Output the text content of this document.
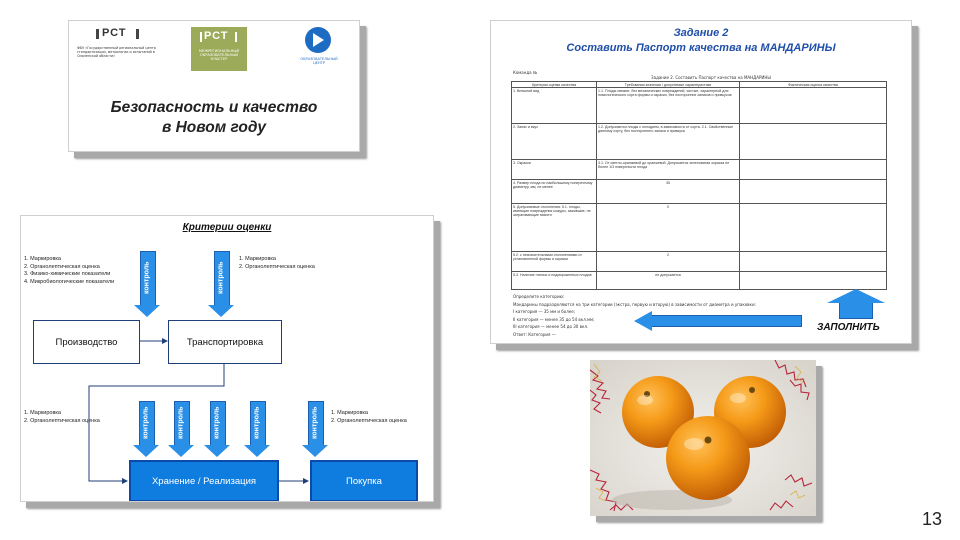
РСТ
ФБУ «Государственный региональный центр стандартизации, метрологии и испытаний в Смоленской области»
РСТ
МЕЖРЕГИОНАЛЬНЫЙ ОБРАЗОВАТЕЛЬНЫЙ КЛАСТЕР	ОБРАЗОВАТЕЛЬНЫЙ ЦЕНТР
Безопасность и качество
в Новом году
Задание 2
Составить Паспорт качества на МАНДАРИНЫ
Команда №
Задание 2. Составить Паспорт качества на МАНДАРИНЫ
Критерии оценки качества	Требования значения / допустимые характеристики	Фактическая оценка качества
1. Внешний вид	1.1. Плоды свежие, без механических повреждений, чистые, характерной для помологического сорта формы и окраски, без посторонних запахов и привкусов	
2. Запах и вкус	1.2. Допускаются плоды с оплодием, в зависимости от сорта. 2.1. Свойственные данному сорту, без постороннего запаха и привкуса	
3. Окраска	3.1. От светло-оранжевой до оранжевой. Допускается зеленоватая окраска не более 1/3 поверхности плода	
4. Размер плода по наибольшему поперечному диаметру, мм, не менее	35	
5. Допускаемые отклонения: 5.1. плоды, имеющие повреждения кожуры, зажившие, не затрагивающие мякоти	X	
5.2. с незначительными отклонениями от установленной формы и окраски	2	
5.3. Наличие гнилых и подмороженных плодов	не допускается	
Определите категорию:
Мандарины подразделяются на три категории (экстра, первую и вторую) в зависимости от диаметра и упаковки:
I категория — 35 мм и более;
II категория — менее 35 до 54 вкл.мм;
III категория — менее 54 до 30 вкл.
Ответ: Категория —
ЗАПОЛНИТЬ
Критерии оценки
1. Маркировка
2. Органолептическая оценка
3. Физико-химические показатели
4. Микробиологические показатели
1. Маркировка
2. Органолептическая оценка
контроль	контроль
Производство	Транспортировка
1. Маркировка
2. Органолептическая оценка
1. Маркировка
2. Органолептическая оценка
контроль	контроль	контроль	контроль	контроль
Хранение / Реализация	Покупка
13
